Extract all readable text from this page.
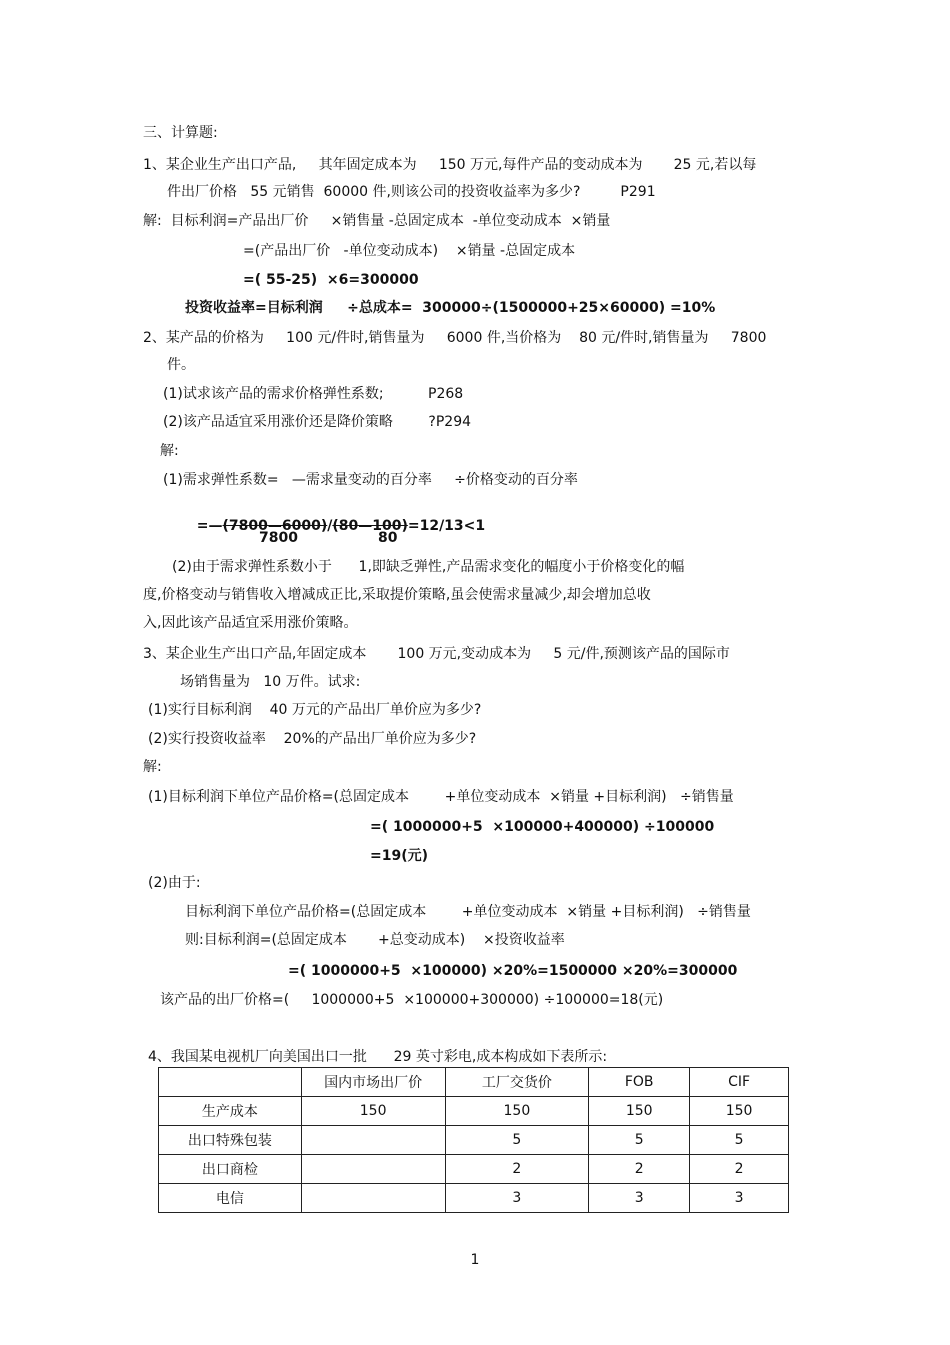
三、计算题:
1、某企业生产出口产品,     其年固定成本为     150 万元,每件产品的变动成本为       25 元,若以每
件出厂价格   55 元销售  60000 件,则该公司的投资收益率为多少?         P291
解:  目标利润=产品出厂价     ×销售量 -总固定成本  -单位变动成本  ×销量
=(产品出厂价   -单位变动成本)    ×销量 -总固定成本
=( 55-25)  ×6=300000
投资收益率=目标利润     ÷总成本=  300000÷(1500000+25×60000) =10%
2、某产品的价格为     100 元/件时,销售量为     6000 件,当价格为    80 元/件时,销售量为     7800
件。
(1)试求该产品的需求价格弹性系数;          P268
(2)该产品适宜采用涨价还是降价策略        ?P294
解:
(1)需求弹性系数=   —需求量变动的百分率     ÷价格变动的百分率

=—(7800—6000)/(80—100)=12/13<1

7800	80
(2)由于需求弹性系数小于      1,即缺乏弹性,产品需求变化的幅度小于价格变化的幅
度,价格变动与销售收入增减成正比,采取提价策略,虽会使需求量减少,却会增加总收
入,因此该产品适宜采用涨价策略。
3、某企业生产出口产品,年固定成本       100 万元,变动成本为     5 元/件,预测该产品的国际市
场销售量为   10 万件。试求:
(1)实行目标利润    40 万元的产品出厂单价应为多少?
(2)实行投资收益率    20%的产品出厂单价应为多少?
解:
(1)目标利润下单位产品价格=(总固定成本        +单位变动成本  ×销量 +目标利润)   ÷销售量
=( 1000000+5  ×100000+400000) ÷100000
=19(元)
(2)由于:
目标利润下单位产品价格=(总固定成本        +单位变动成本  ×销量 +目标利润)   ÷销售量
则:目标利润=(总固定成本       +总变动成本)    ×投资收益率
=( 1000000+5  ×100000) ×20%=1500000 ×20%=300000
该产品的出厂价格=(     1000000+5  ×100000+300000) ÷100000=18(元)
4、我国某电视机厂向美国出口一批      29 英寸彩电,成本构成如下表所示:
	国内市场出厂价	工厂交货价	FOB	CIF
生产成本	150	150	150	150
出口特殊包装		5	5	5
出口商检		2	2	2
电信		3	3	3
1
